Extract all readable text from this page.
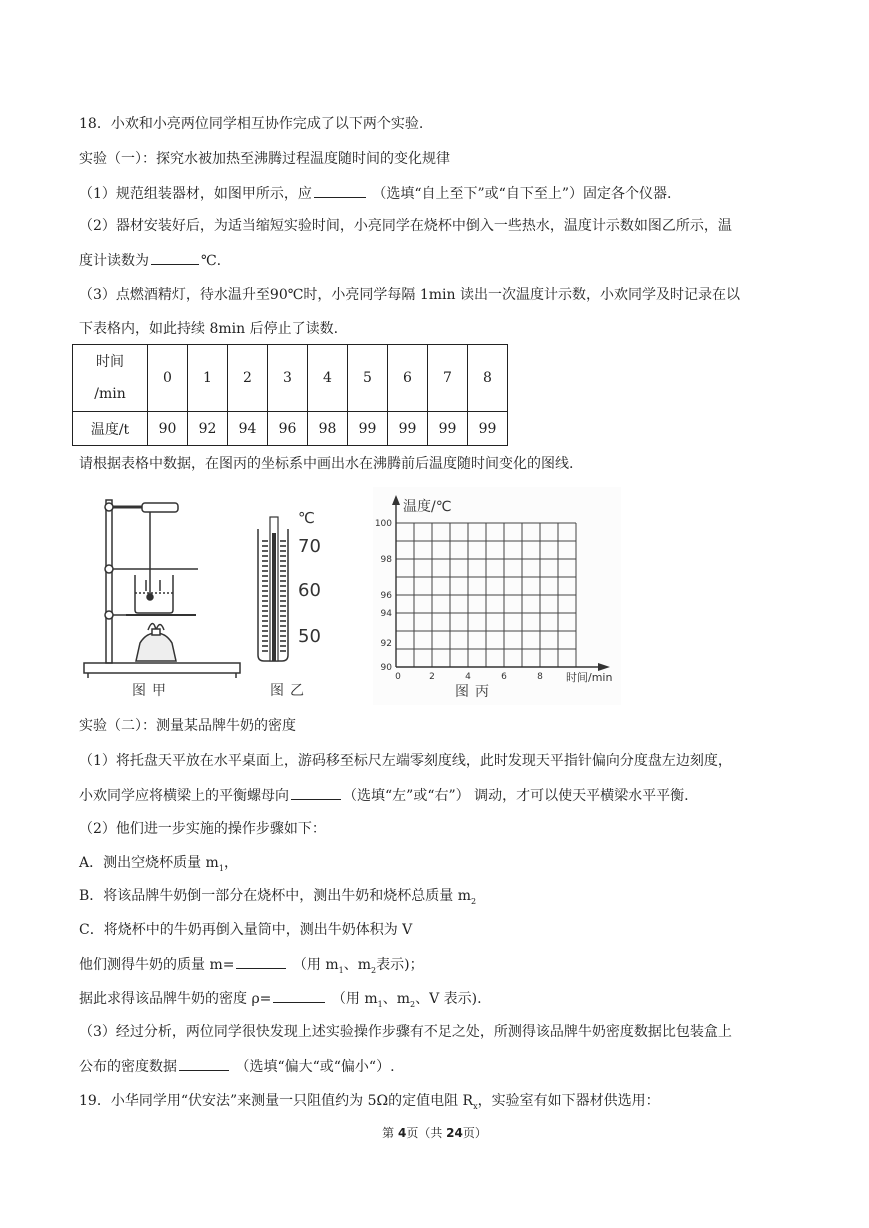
18．小欢和小亮两位同学相互协作完成了以下两个实验.
实验（一）：探究水被加热至沸腾过程温度随时间的变化规律
（1）规范组装器材，如图甲所示，应	（选填“自上至下”或“自下至上”）固定各个仪器.
（2）器材安装好后，为适当缩短实验时间，小亮同学在烧杯中倒入一些热水，温度计示数如图乙所示，温
度计读数为	℃.
（3）点燃酒精灯，待水温升至90℃时，小亮同学每隔 1min 读出一次温度计示数，小欢同学及时记录在以
下表格内，如此持续 8min 后停止了读数.
时间
/min	0	1	2	3	4	5	6	7	8
温度/t	90	92	94	96	98	99	99	99	99
请根据表格中数据，在图丙的坐标系中画出水在沸腾前后温度随时间变化的图线.
图甲
℃
70
60
50
图乙
温度/℃
100
98
96
94
92
90
0	2	4	6	8 时间/min
图丙
实验（二）：测量某品牌牛奶的密度
（1）将托盘天平放在水平桌面上，游码移至标尺左端零刻度线，此时发现天平指针偏向分度盘左边刻度，
小欢同学应将横梁上的平衡螺母向	（选填“左”或“右”） 调动，才可以使天平横梁水平平衡.
（2）他们进一步实施的操作步骤如下：
A．测出空烧杯质量 $m_1$，
B．将该品牌牛奶倒一部分在烧杯中，测出牛奶和烧杯总质量 $m_2$
C．将烧杯中的牛奶再倒入量筒中，测出牛奶体积为 V
他们测得牛奶的质量 m=	（用 $m_1$、$m_2$表示)；
据此求得该品牌牛奶的密度 ρ=	（用 $m_1$、$m_2$、V 表示).
（3）经过分析，两位同学很快发现上述实验操作步骤有不足之处，所测得该品牌牛奶密度数据比包装盒上
公布的密度数据	（选填“偏大“或“偏小“）.
19．小华同学用“伏安法”来测量一只阻值约为 5Ω的定值电阻 $R_x$，实验室有如下器材供选用：
第 4页（共 24页）
